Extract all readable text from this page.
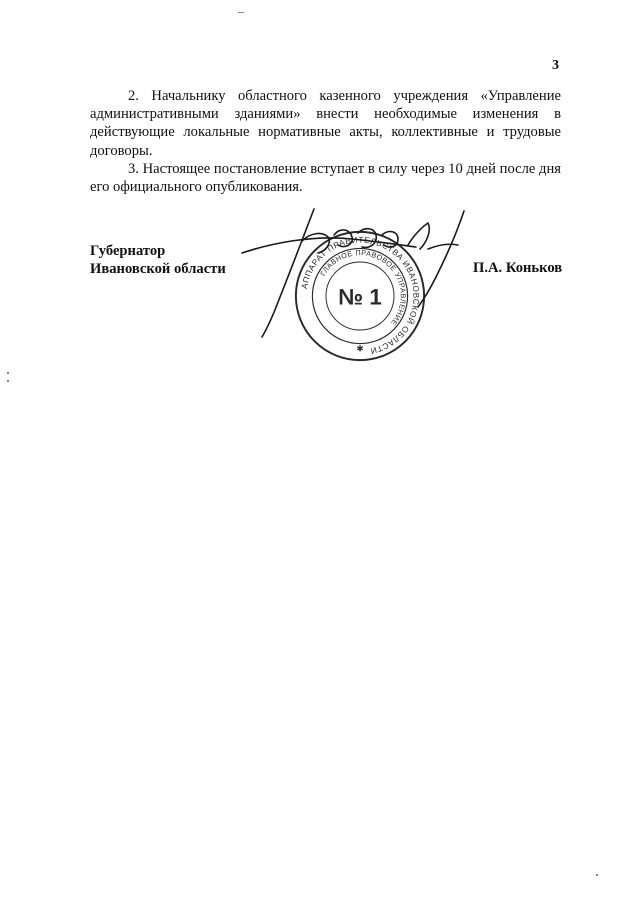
3

2. Начальнику областного казенного учреждения «Управление административными зданиями» внести необходимые изменения в действующие локальные нормативные акты, коллективные и трудовые договоры.

3. Настоящее постановление вступает в силу через 10 дней после дня его официального опубликования.

Губернатор
Ивановской области	П.А. Коньков
АППАРАТ ПРАВИТЕЛЬСТВА ИВАНОВСКОЙ ОБЛАСТИ
ГЛАВНОЕ ПРАВОВОЕ УПРАВЛЕНИЕ
№ 1
✱
